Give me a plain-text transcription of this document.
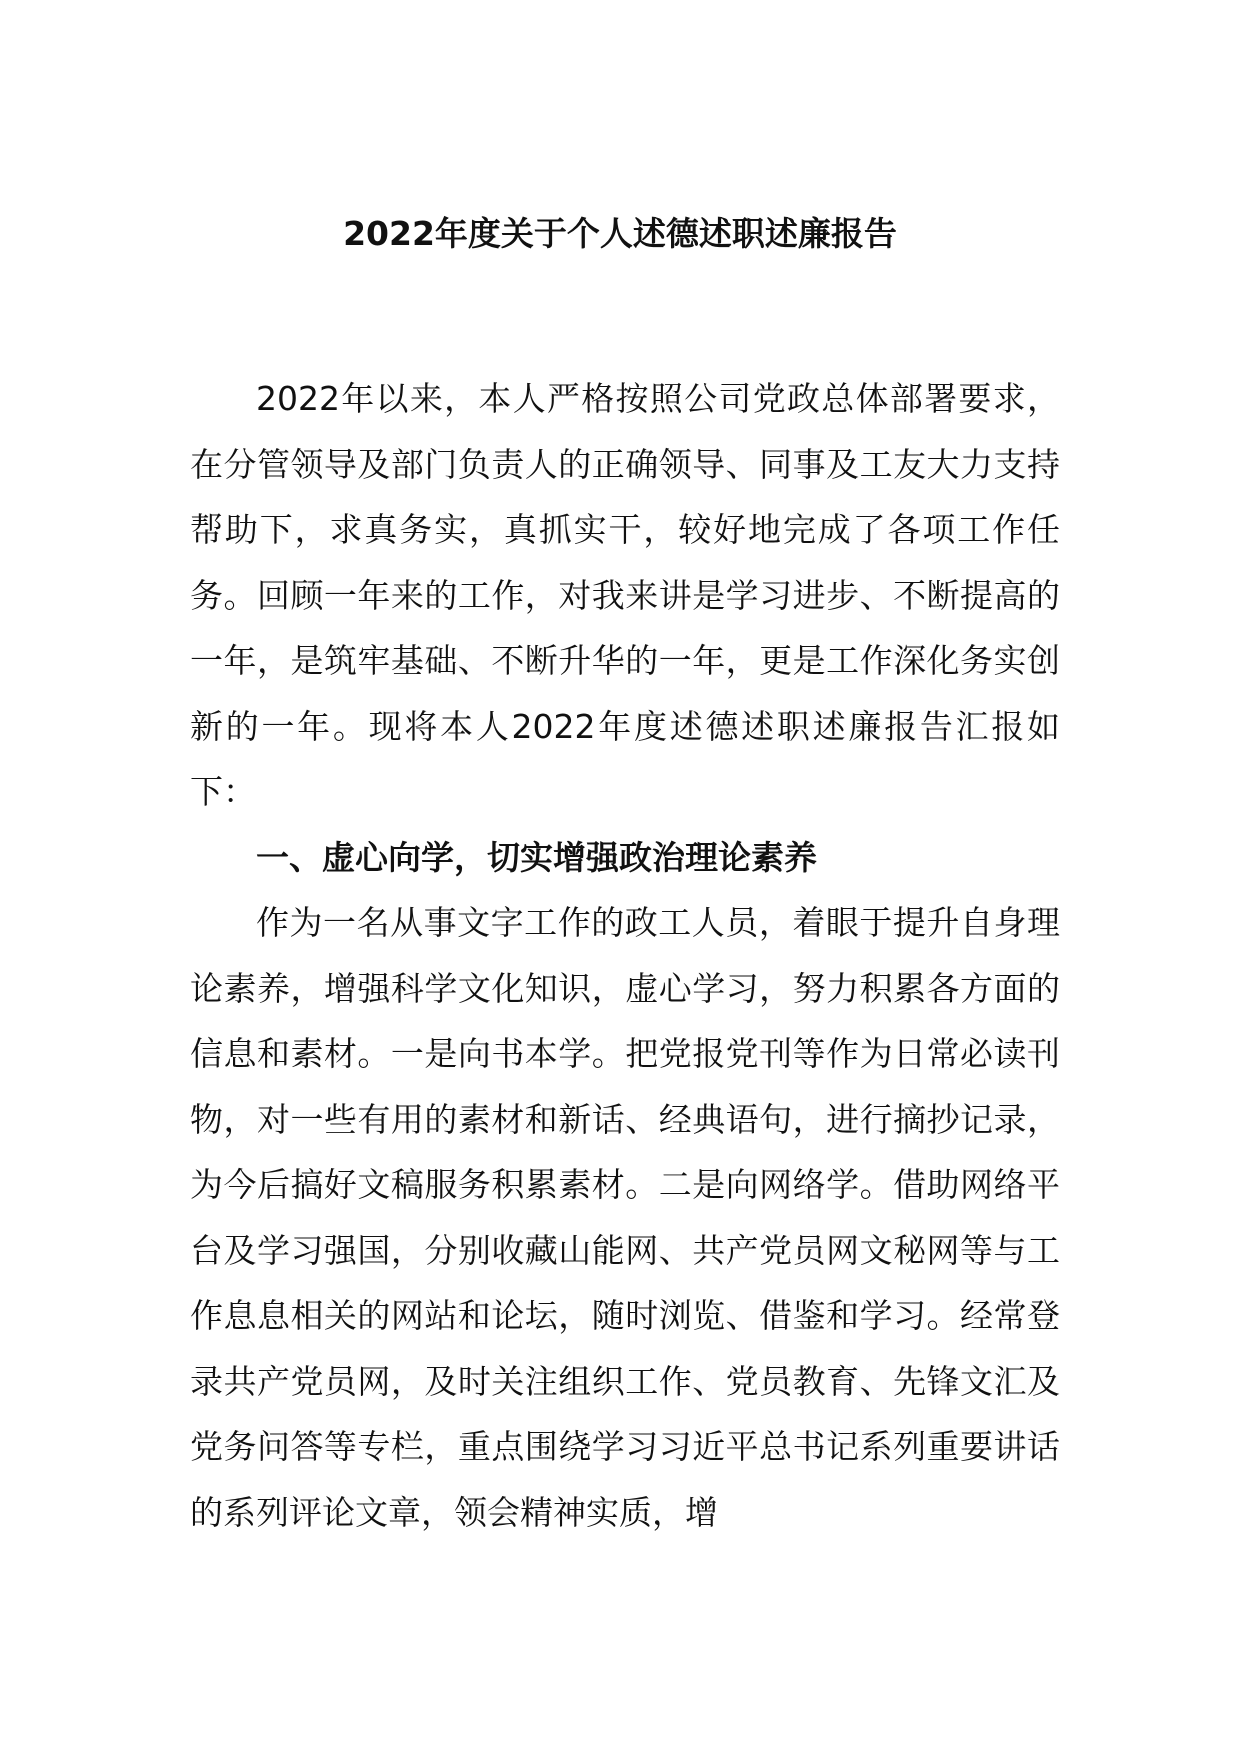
2022年度关于个人述德述职述廉报告

2022年以来，本人严格按照公司党政总体部署要求，在分管领导及部门负责人的正确领导、同事及工友大力支持帮助下，求真务实，真抓实干，较好地完成了各项工作任务。回顾一年来的工作，对我来讲是学习进步、不断提高的一年，是筑牢基础、不断升华的一年，更是工作深化务实创新的一年。现将本人2022年度述德述职述廉报告汇报如下：

一、虚心向学，切实增强政治理论素养

作为一名从事文字工作的政工人员，着眼于提升自身理论素养，增强科学文化知识，虚心学习，努力积累各方面的信息和素材。一是向书本学。把党报党刊等作为日常必读刊物，对一些有用的素材和新话、经典语句，进行摘抄记录，为今后搞好文稿服务积累素材。二是向网络学。借助网络平台及学习强国，分别收藏山能网、共产党员网文秘网等与工作息息相关的网站和论坛，随时浏览、借鉴和学习。经常登录共产党员网，及时关注组织工作、党员教育、先锋文汇及党务问答等专栏，重点围绕学习习近平总书记系列重要讲话的系列评论文章，领会精神实质，增
